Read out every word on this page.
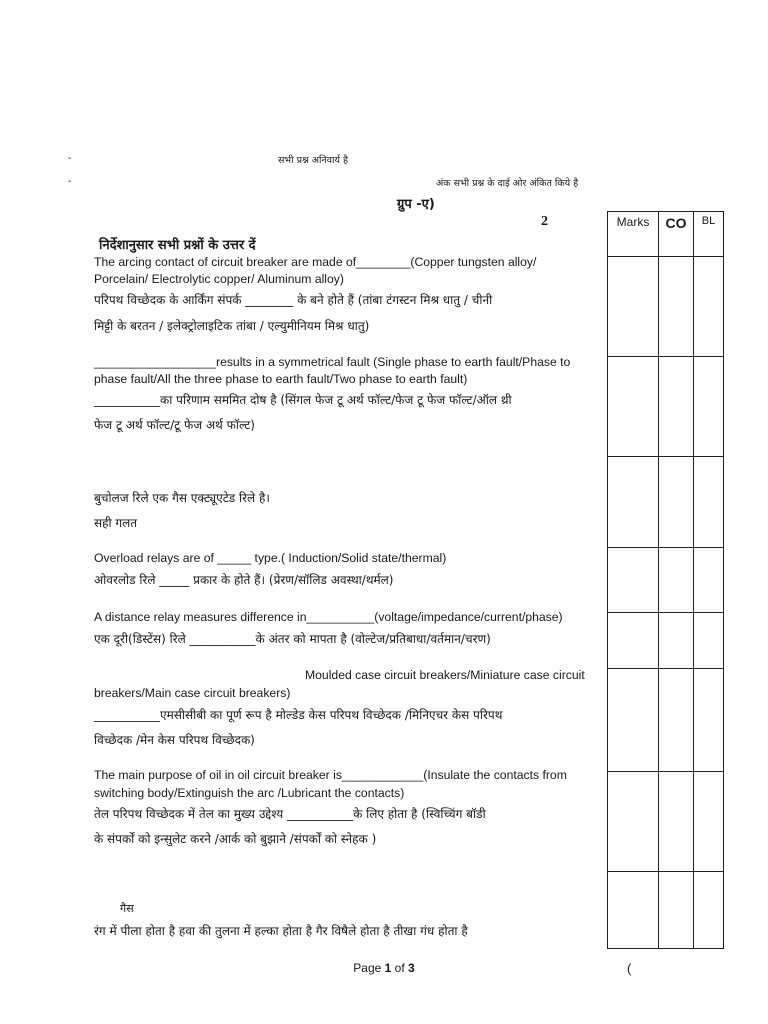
-	सभी प्रश्न अनिवार्य है
-	अंक सभी प्रश्न के दाई ओर अंकित किये है
ग्रुप -ए)
2
निर्देशानुसार सभी प्रश्नों के उत्तर दें
Marks	CO	BL

The arcing contact of circuit breaker are made of________(Copper tungsten alloy/
Porcelain/ Electrolytic copper/ Aluminum alloy)
परिपथ विच्छेदक के आर्किंग संपर्क ________ के बने होते हैं (तांबा टंगस्टन मिश्र धातु / चीनी
मिट्टी के बरतन / इलेक्ट्रोलाइटिक तांबा / एल्युमीनियम मिश्र धातु)
__________________results in a symmetrical fault (Single phase to earth fault/Phase to
phase fault/All the three phase to earth fault/Two phase to earth fault)
___________का परिणाम सममित दोष है (सिंगल फेज टू अर्थ फॉल्ट/फेज टू फेज फॉल्ट/ऑल थ्री
फेज टू अर्थ फॉल्ट/टू फेज अर्थ फॉल्ट)
बुचोलज रिले एक गैस एक्ट्यूएटेड रिले है।
सही गलत
Overload relays are of _____ type.( Induction/Solid state/thermal)
ओवरलोड रिले _____ प्रकार के होते हैं। (प्रेरण/सॉलिड अवस्था/थर्मल)
A distance relay measures difference in__________(voltage/impedance/current/phase)
एक दूरी(डिस्टेंस) रिले ___________के अंतर को मापता है (वोल्टेज/प्रतिबाधा/वर्तमान/चरण)
Moulded case circuit breakers/Miniature case circuit
breakers/Main case circuit breakers)
___________एमसीसीबी का पूर्ण रूप है मोल्डेड केस परिपथ विच्छेदक /मिनिएचर केस परिपथ
विच्छेदक /मेन केस परिपथ विच्छेदक)
The main purpose of oil in oil circuit breaker is____________(Insulate the contacts from
switching body/Extinguish the arc /Lubricant the contacts)
तेल परिपथ विच्छेदक में तेल का मुख्य उद्देश्य ___________के लिए होता है (स्विच्चिंग बॉडी
के संपर्कों को इन्सुलेट करने /आर्क को बुझाने /संपर्कों को स्नेहक )
गैस
रंग में पीला होता है हवा की तुलना में हल्का होता है गैर विषैले होता है तीखा गंध होता है
Page 1 of 3	(
